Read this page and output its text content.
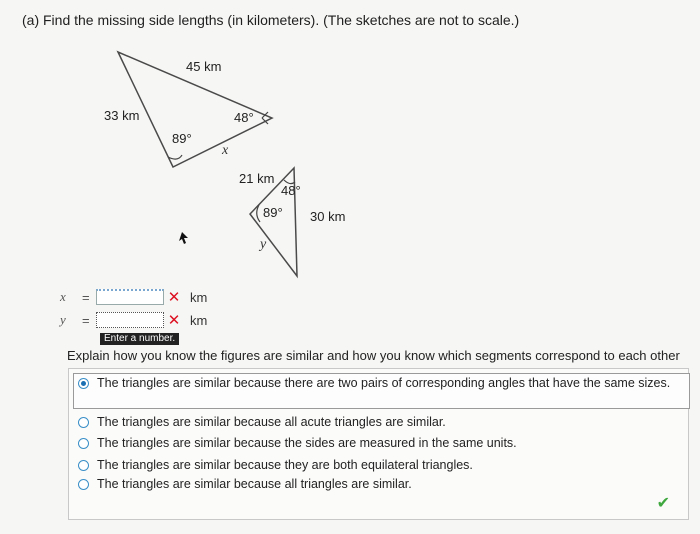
(a) Find the missing side lengths (in kilometers). (The sketches are not to scale.)
45 km
33 km
89°
48°
x
21 km
48°
89° 30 km
y
x	=	✕ km
y	=	✕ km
Enter a number.
Explain how you know the figures are similar and how you know which segments correspond to each other
The triangles are similar because there are two pairs of corresponding angles that have the same sizes.
The triangles are similar because all acute triangles are similar.
The triangles are similar because the sides are measured in the same units.
The triangles are similar because they are both equilateral triangles.
The triangles are similar because all triangles are similar.
✔
